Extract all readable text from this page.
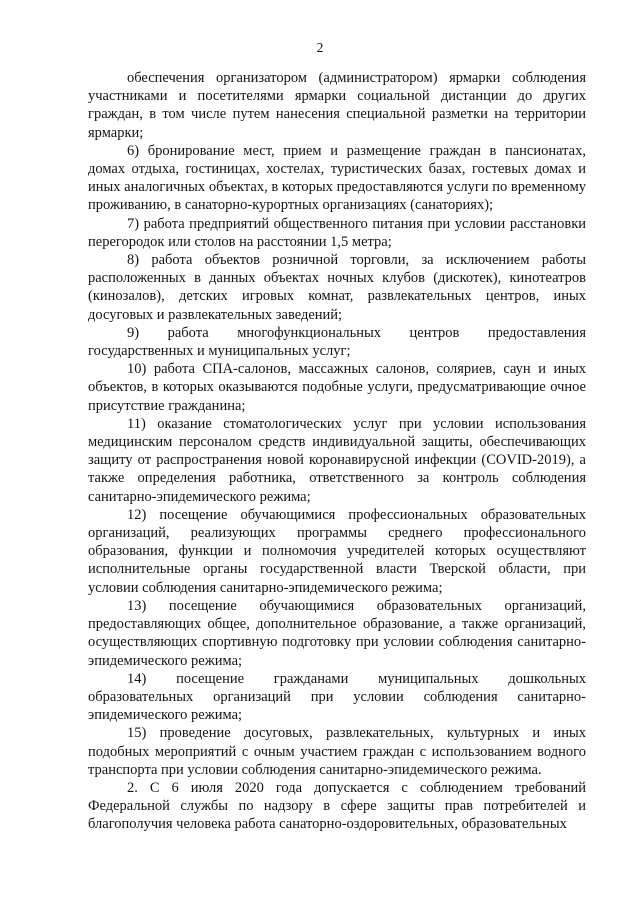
2

обеспечения организатором (администратором) ярмарки соблюдения участниками и посетителями ярмарки социальной дистанции до других граждан, в том числе путем нанесения специальной разметки на территории ярмарки;

6) бронирование мест, прием и размещение граждан в пансионатах, домах отдыха, гостиницах, хостелах, туристических базах, гостевых домах и иных аналогичных объектах, в которых предоставляются услуги по временному проживанию, в санаторно-курортных организациях (санаториях);

7) работа предприятий общественного питания при условии расстановки перегородок или столов на расстоянии 1,5 метра;

8) работа объектов розничной торговли, за исключением работы расположенных в данных объектах ночных клубов (дискотек), кинотеатров (кинозалов), детских игровых комнат, развлекательных центров, иных досуговых и развлекательных заведений;

9) работа многофункциональных центров предоставления государственных и муниципальных услуг;

10) работа СПА-салонов, массажных салонов, соляриев, саун и иных объектов, в которых оказываются подобные услуги, предусматривающие очное присутствие гражданина;

11) оказание стоматологических услуг при условии использования медицинским персоналом средств индивидуальной защиты, обеспечивающих защиту от распространения новой коронавирусной инфекции (COVID-2019), а также определения работника, ответственного за контроль соблюдения санитарно-эпидемического режима;

12) посещение обучающимися профессиональных образовательных организаций, реализующих программы среднего профессионального образования, функции и полномочия учредителей которых осуществляют исполнительные органы государственной власти Тверской области, при условии соблюдения санитарно-эпидемического режима;

13) посещение обучающимися образовательных организаций, предоставляющих общее, дополнительное образование, а также организаций, осуществляющих спортивную подготовку при условии соблюдения санитарно-эпидемического режима;

14) посещение гражданами муниципальных дошкольных образовательных организаций при условии соблюдения санитарно-эпидемического режима;

15) проведение досуговых, развлекательных, культурных и иных подобных мероприятий с очным участием граждан с использованием водного транспорта при условии соблюдения санитарно-эпидемического режима.

2. С 6 июля 2020 года допускается с соблюдением требований Федеральной службы по надзору в сфере защиты прав потребителей и благополучия человека работа санаторно-оздоровительных, образовательных
